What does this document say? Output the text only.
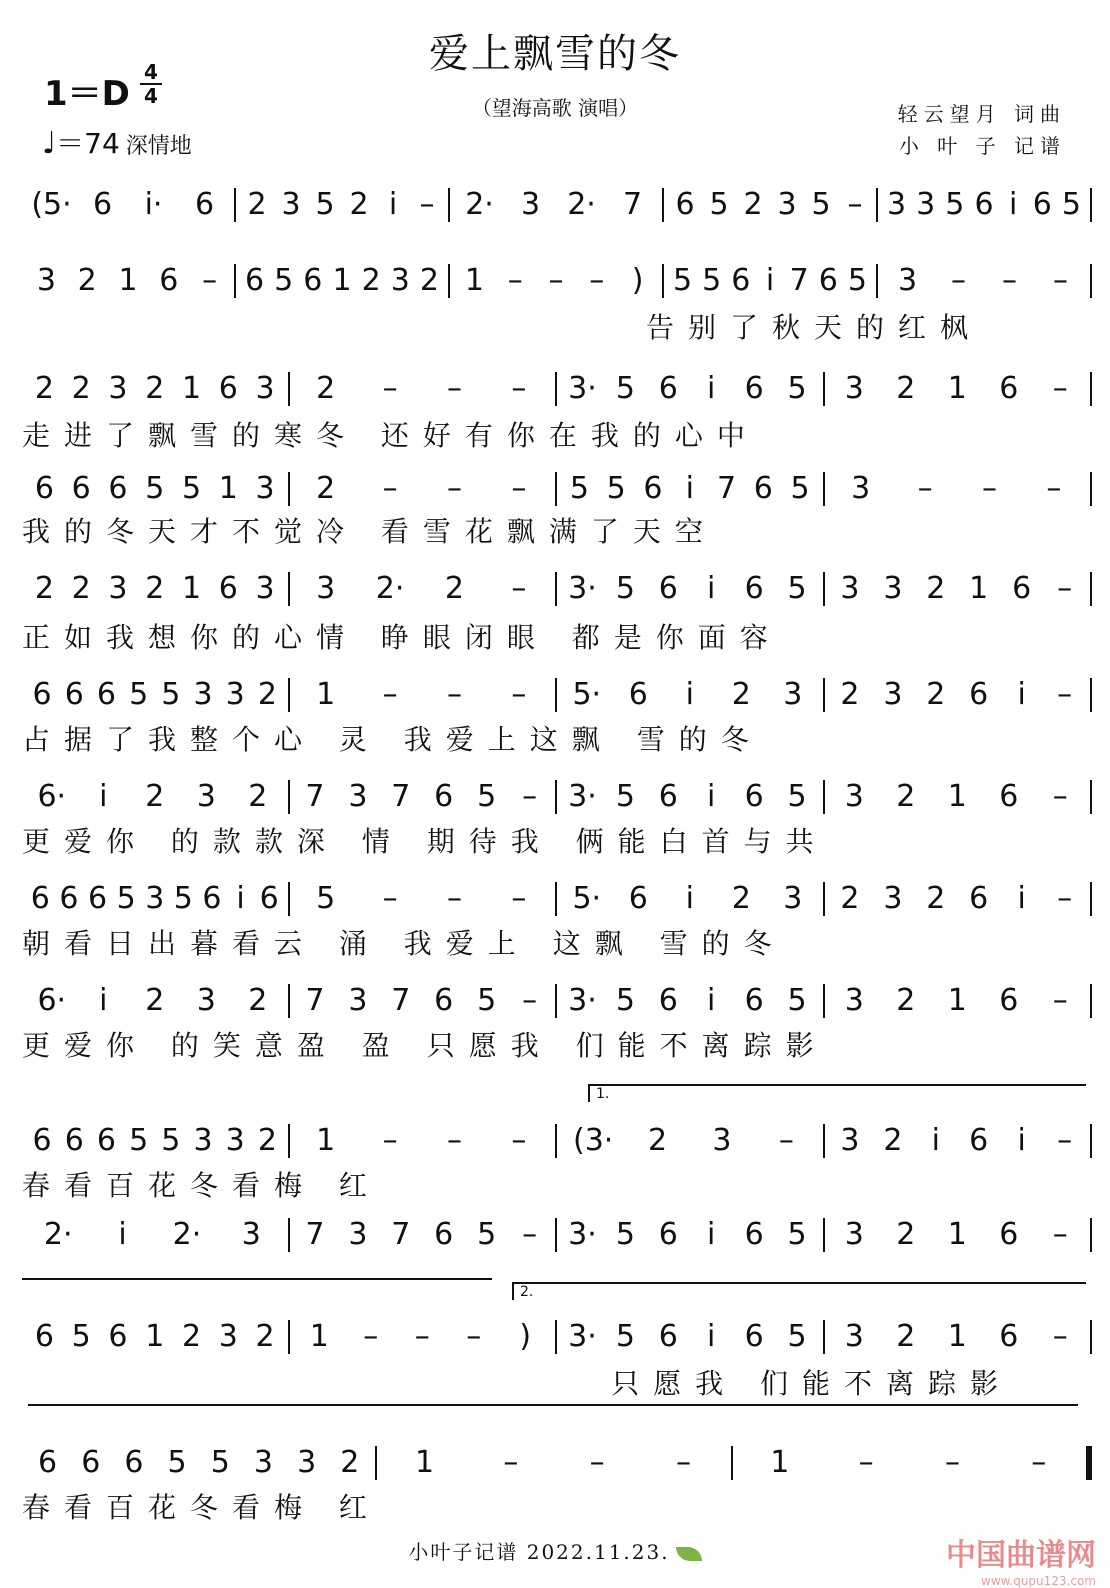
爱上飘雪的冬
（望海高歌 演唱）
1＝D
4
4
♩＝74 深情地
轻云望月 词曲
小 叶 子 记谱
(5· 6	i·	6	2 3 5 2 i –	2· 3 2· 7	6 5 2 3 5 – 3 3 5 6 i 6 5
3 2 1 6 – 6 5 6 1 2 3 2 1 – – – ) 5 5 6 i 7 6 5	3	–	–	–
告别了秋天的红枫
2 2 3 2 1 6 3	2	–	–	–	3· 5 6 i 6 5	3	2	1	6	–
走进了飘雪的寒冬 还好有你在我的心中
6 6 6 5 5 1 3	2	–	–	–	5 5 6 i 7 6 5	3	–	–	–
我的冬天才不觉冷 看雪花飘满了天空
2 2 3 2 1 6 3	3	2·	2	–	3· 5 6 i 6 5	3 3 2 1 6 –
正如我想你的心情 睁眼闭眼 都是你面容
6 6 6 5 5 3 3 2	1	–	–	–	5· 6	i	2	3	2 3 2 6 i	–
占据了我整个心 灵 我爱上这飘 雪的冬
6·	i	2	3	2	7 3 7 6 5 –	3· 5 6 i 6 5	3	2	1	6	–
更爱你 的款款深 情 期待我 俩能白首与共
6 6 6 5 3 5 6 i 6	5	–	–	–	5· 6	i	2	3	2 3 2 6 i	–
朝看日出暮看云 涌 我爱上 这飘 雪的冬
6·	i	2	3	2	7 3 7 6 5 –	3· 5 6 i 6 5	3	2	1	6	–
更爱你 的笑意盈 盈 只愿我 们能不离踪影
6 6 6 5 5 3 3 2	1	–	–	–	(3·	2	3	–	3 2 i 6 i	–
春看百花冬看梅 红
2·	i	2·	3	7 3 7 6 5 –	3· 5 6 i 6 5	3	2	1	6	–
6 5 6 1 2 3 2	1	–	–	–	)	3· 5 6 i 6 5	3	2	1	6	–
只愿我 们能不离踪影
6 6 6 5 5 3 3 2	1	–	–	–	1	–	–	–
春看百花冬看梅 红
1.
2.
小叶子记谱 2022.11.23.	中国曲谱网
www.qupu123.com
